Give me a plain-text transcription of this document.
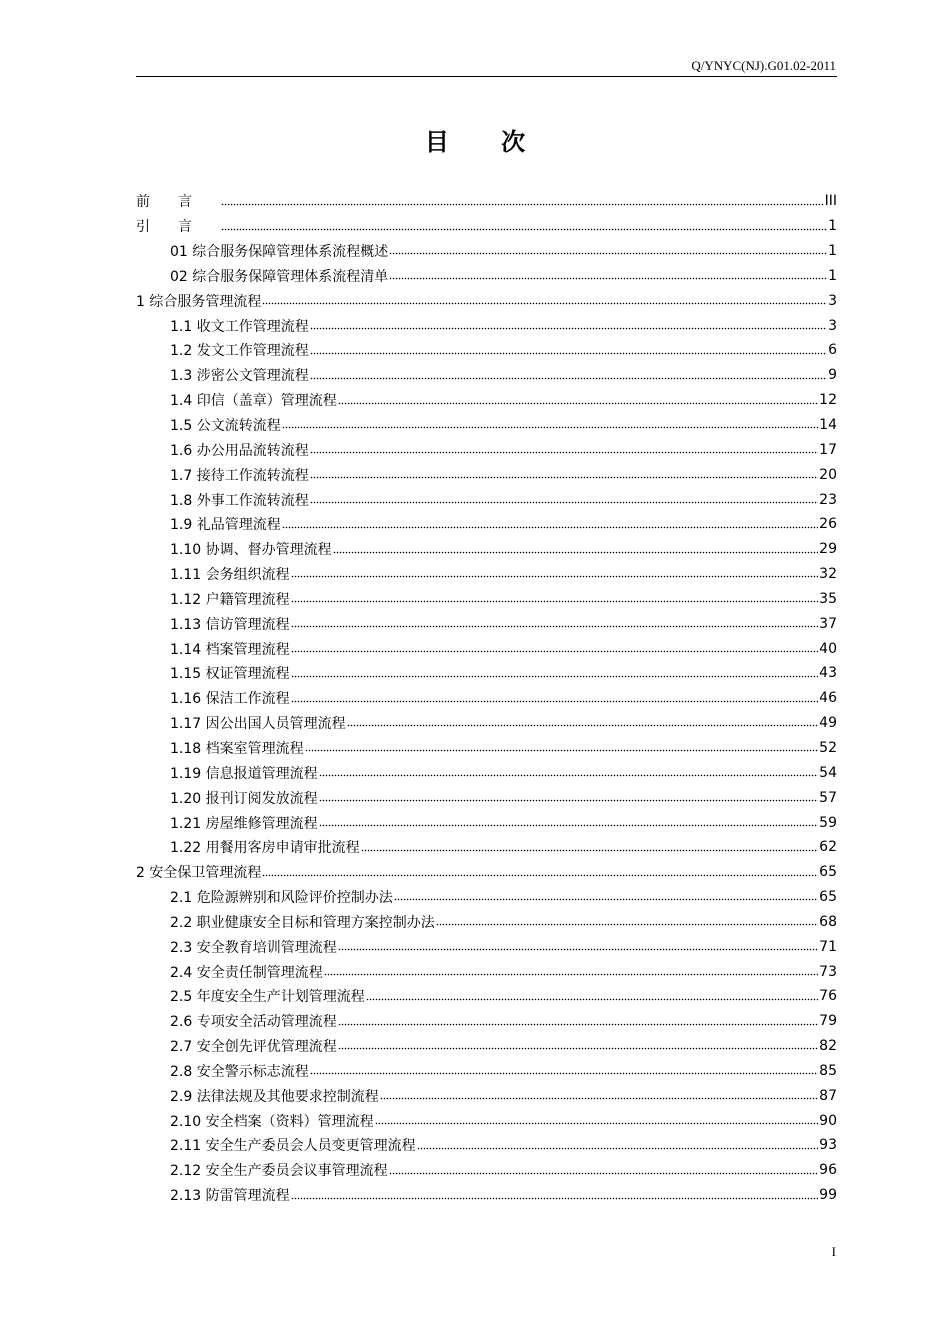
Q/YNYC(NJ).G01.02-2011
目 次
前言	III
引言	1
01 综合服务保障管理体系流程概述	1
02 综合服务保障管理体系流程清单	1
1 综合服务管理流程	3
1.1 收文工作管理流程	3
1.2 发文工作管理流程	6
1.3 涉密公文管理流程	9
1.4 印信（盖章）管理流程	12
1.5 公文流转流程	14
1.6 办公用品流转流程	17
1.7 接待工作流转流程	20
1.8 外事工作流转流程	23
1.9 礼品管理流程	26
1.10 协调、督办管理流程	29
1.11 会务组织流程	32
1.12 户籍管理流程	35
1.13 信访管理流程	37
1.14 档案管理流程	40
1.15 权证管理流程	43
1.16 保洁工作流程	46
1.17 因公出国人员管理流程	49
1.18 档案室管理流程	52
1.19 信息报道管理流程	54
1.20 报刊订阅发放流程	57
1.21 房屋维修管理流程	59
1.22 用餐用客房申请审批流程	62
2 安全保卫管理流程	65
2.1 危险源辨别和风险评价控制办法	65
2.2 职业健康安全目标和管理方案控制办法	68
2.3 安全教育培训管理流程	71
2.4 安全责任制管理流程	73
2.5 年度安全生产计划管理流程	76
2.6 专项安全活动管理流程	79
2.7 安全创先评优管理流程	82
2.8 安全警示标志流程	85
2.9 法律法规及其他要求控制流程	87
2.10 安全档案（资料）管理流程	90
2.11 安全生产委员会人员变更管理流程	93
2.12 安全生产委员会议事管理流程	96
2.13 防雷管理流程	99
I
